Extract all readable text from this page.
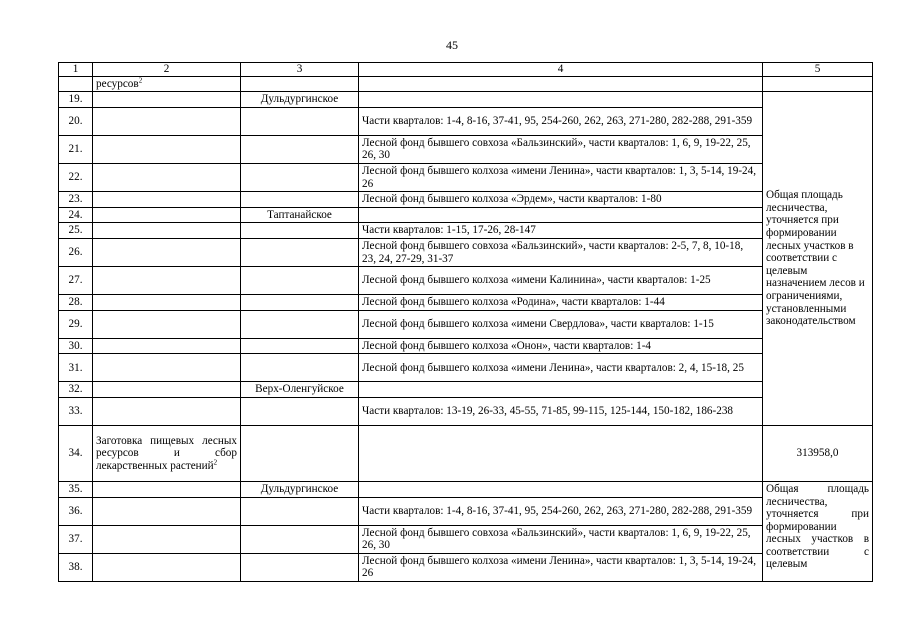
45
1	2	3	4	5
	ресурсов$^2$			
19.		Дульдургинское		Общая площадь лесничества, уточняется при формировании лесных участков в соответствии с целевым назначением лесов и ограничениями, установленными законодательством
20.			Части кварталов: 1-4, 8-16, 37-41, 95, 254-260, 262, 263, 271-280, 282-288, 291-359	
21.			Лесной фонд бывшего совхоза «Бальзинский», части кварталов: 1, 6, 9, 19-22, 25, 26, 30	
22.			Лесной фонд бывшего колхоза «имени Ленина», части кварталов: 1, 3, 5-14, 19-24, 26	
23.			Лесной фонд бывшего колхоза «Эрдем», части кварталов: 1-80	
24.		Таптанайское		
25.			Части кварталов: 1-15, 17-26, 28-147	
26.			Лесной фонд бывшего совхоза «Бальзинский», части кварталов: 2-5, 7, 8, 10-18, 23, 24, 27-29, 31-37	
27.			Лесной фонд бывшего колхоза «имени Калинина», части кварталов: 1-25	
28.			Лесной фонд бывшего колхоза «Родина», части кварталов: 1-44	
29.			Лесной фонд бывшего колхоза «имени Свердлова», части кварталов: 1-15	
30.			Лесной фонд бывшего колхоза «Онон», части кварталов: 1-4	
31.			Лесной фонд бывшего колхоза «имени Ленина», части кварталов: 2, 4, 15-18, 25	
32.		Верх-Оленгуйское		
33.			Части кварталов: 13-19, 26-33, 45-55, 71-85, 99-115, 125-144, 150-182, 186-238	
34.	Заготовка пищевых лесных ресурсов и сбор лекарственных растений$^2$			313958,0
35.		Дульдургинское		Общая площадь лесничества, уточняется при формировании лесных участков в соответствии с целевым
36.			Части кварталов: 1-4, 8-16, 37-41, 95, 254-260, 262, 263, 271-280, 282-288, 291-359	
37.			Лесной фонд бывшего совхоза «Бальзинский», части кварталов: 1, 6, 9, 19-22, 25, 26, 30	
38.			Лесной фонд бывшего колхоза «имени Ленина», части кварталов: 1, 3, 5-14, 19-24, 26	
